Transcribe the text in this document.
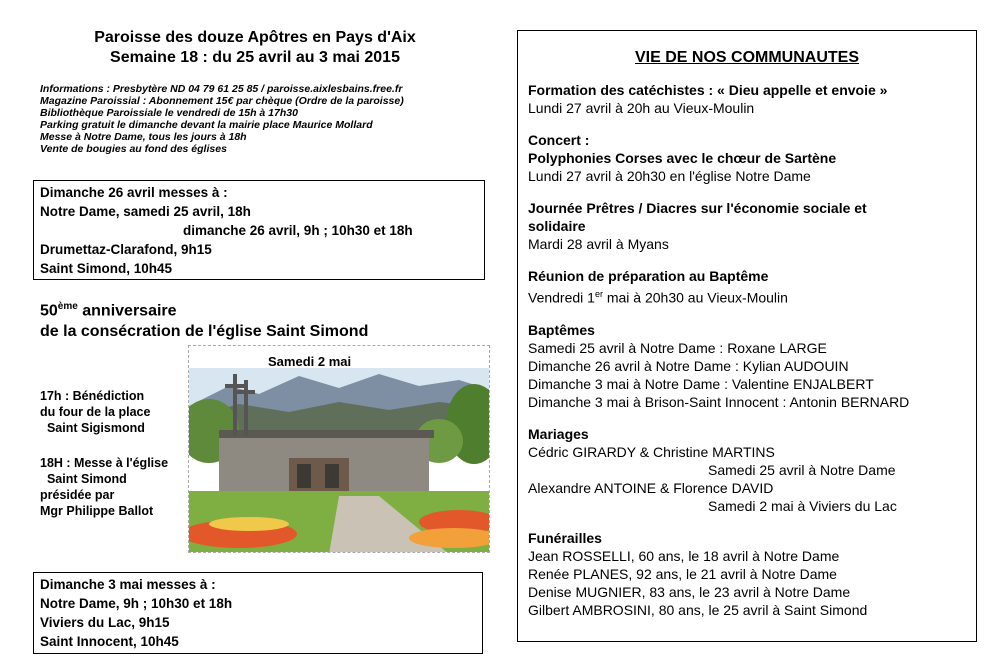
Paroisse des douze Apôtres en Pays d'Aix
Semaine 18 : du 25 avril au 3 mai 2015
Informations : Presbytère ND 04 79 61 25 85 / paroisse.aixlesbains.free.fr
Magazine Paroissial : Abonnement 15€ par chèque (Ordre de la paroisse)
Bibliothèque Paroissiale le vendredi de 15h à 17h30
Parking gratuit le dimanche devant la mairie place Maurice Mollard
Messe à Notre Dame, tous les jours à 18h
Vente de bougies au fond des églises
Dimanche 26 avril messes à :
Notre Dame, samedi 25 avril, 18h
dimanche 26 avril, 9h ; 10h30 et 18h
Drumettaz-Clarafond, 9h15
Saint Simond, 10h45
50ème anniversaire
de la consécration de l'église Saint Simond
17h : Bénédiction
du four de la place
Saint Sigismond
18H : Messe à l'église
Saint Simond
présidée par
Mgr Philippe Ballot
Samedi 2 mai
Dimanche 3 mai messes à :
Notre Dame, 9h ; 10h30 et 18h
Viviers du Lac, 9h15
Saint Innocent, 10h45
VIE DE NOS COMMUNAUTES
Formation des catéchistes : « Dieu appelle et envoie »
Lundi 27 avril à 20h au Vieux-Moulin
Concert :
Polyphonies Corses avec le chœur de Sartène
Lundi 27 avril à 20h30 en l'église Notre Dame
Journée Prêtres / Diacres sur l'économie sociale et
solidaire
Mardi 28 avril à Myans
Réunion de préparation au Baptême
Vendredi 1er mai à 20h30 au Vieux-Moulin
Baptêmes
Samedi 25 avril à Notre Dame : Roxane LARGE
Dimanche 26 avril à Notre Dame : Kylian AUDOUIN
Dimanche 3 mai à Notre Dame : Valentine ENJALBERT
Dimanche 3 mai à Brison-Saint Innocent : Antonin BERNARD
Mariages
Cédric GIRARDY & Christine MARTINS
Samedi 25 avril à Notre Dame
Alexandre ANTOINE & Florence DAVID
Samedi 2 mai à Viviers du Lac
Funérailles
Jean ROSSELLI, 60 ans, le 18 avril à Notre Dame
Renée PLANES, 92 ans, le 21 avril à Notre Dame
Denise MUGNIER, 83 ans, le 23 avril à Notre Dame
Gilbert AMBROSINI, 80 ans, le 25 avril à Saint Simond
